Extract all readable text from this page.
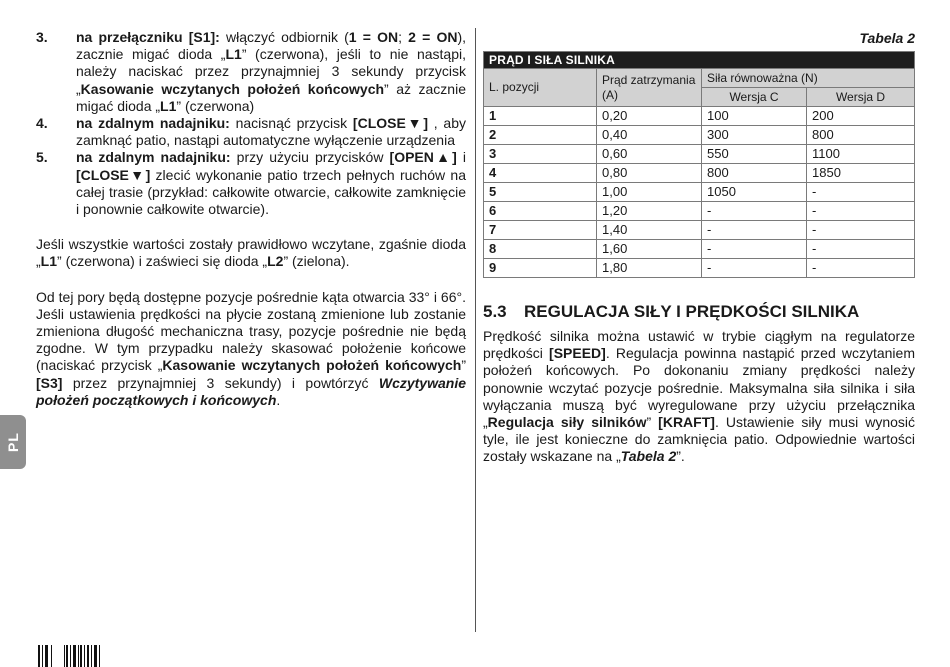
3.	na przełączniku [S1]: włączyć odbiornik (1 = ON; 2 = ON), zacznie migać dioda „L1” (czerwona), jeśli to nie nastąpi, należy naciskać przez przynajmniej 3 sekundy przycisk „Kasowanie wczytanych położeń końcowych” aż zacznie migać dioda „L1” (czerwona)
4.	na zdalnym nadajniku: nacisnąć przycisk [CLOSE▼] , aby zamknąć patio, nastąpi automatyczne wyłączenie urządzenia
5.	na zdalnym nadajniku: przy użyciu przycisków [OPEN▲] i [CLOSE▼] zlecić wykonanie patio trzech pełnych ruchów na całej trasie (przykład: całkowite otwarcie, całkowite zamknięcie i ponownie całkowite otwarcie).

Jeśli wszystkie wartości zostały prawidłowo wczytane, zgaśnie dioda „L1” (czerwona) i zaświeci się dioda „L2” (zielona).

Od tej pory będą dostępne pozycje pośrednie kąta otwarcia 33° i 66°. Jeśli ustawienia prędkości na płycie zostaną zmienione lub zostanie zmieniona długość mechaniczna trasy, pozycje pośrednie nie będą zgodne. W tym przypadku należy skasować położenie końcowe (naciskać przycisk „Kasowanie wczytanych położeń końcowych” [S3] przez przynajmniej 3 sekundy) i powtórzyć Wczytywanie położeń początkowych i końcowych.

Tabela 2
PRĄD I SIŁA SILNIKA			
L. pozycji	Prąd zatrzymania (A)	Siła równoważna (N)	
		Wersja C	Wersja D
1	0,20	100	200
2	0,40	300	800
3	0,60	550	1100
4	0,80	800	1850
5	1,00	1050	-
6	1,20	-	-
7	1,40	-	-
8	1,60	-	-
9	1,80	-	-
5.3	REGULACJA SIŁY I PRĘDKOŚCI SILNIKA

Prędkość silnika można ustawić w trybie ciągłym na regulatorze prędkości [SPEED]. Regulacja powinna nastąpić przed wczytaniem położeń końcowych. Po dokonaniu zmiany prędkości należy ponownie wczytać pozycje pośrednie. Maksymalna siła silnika i siła wyłączania muszą być wyregulowane przy użyciu przełącznika „Regulacja siły silników” [KRAFT]. Ustawienie siły musi wynosić tyle, ile jest konieczne do zamknięcia patio. Odpowiednie wartości zostały wskazane na „Tabela 2”.

PL
